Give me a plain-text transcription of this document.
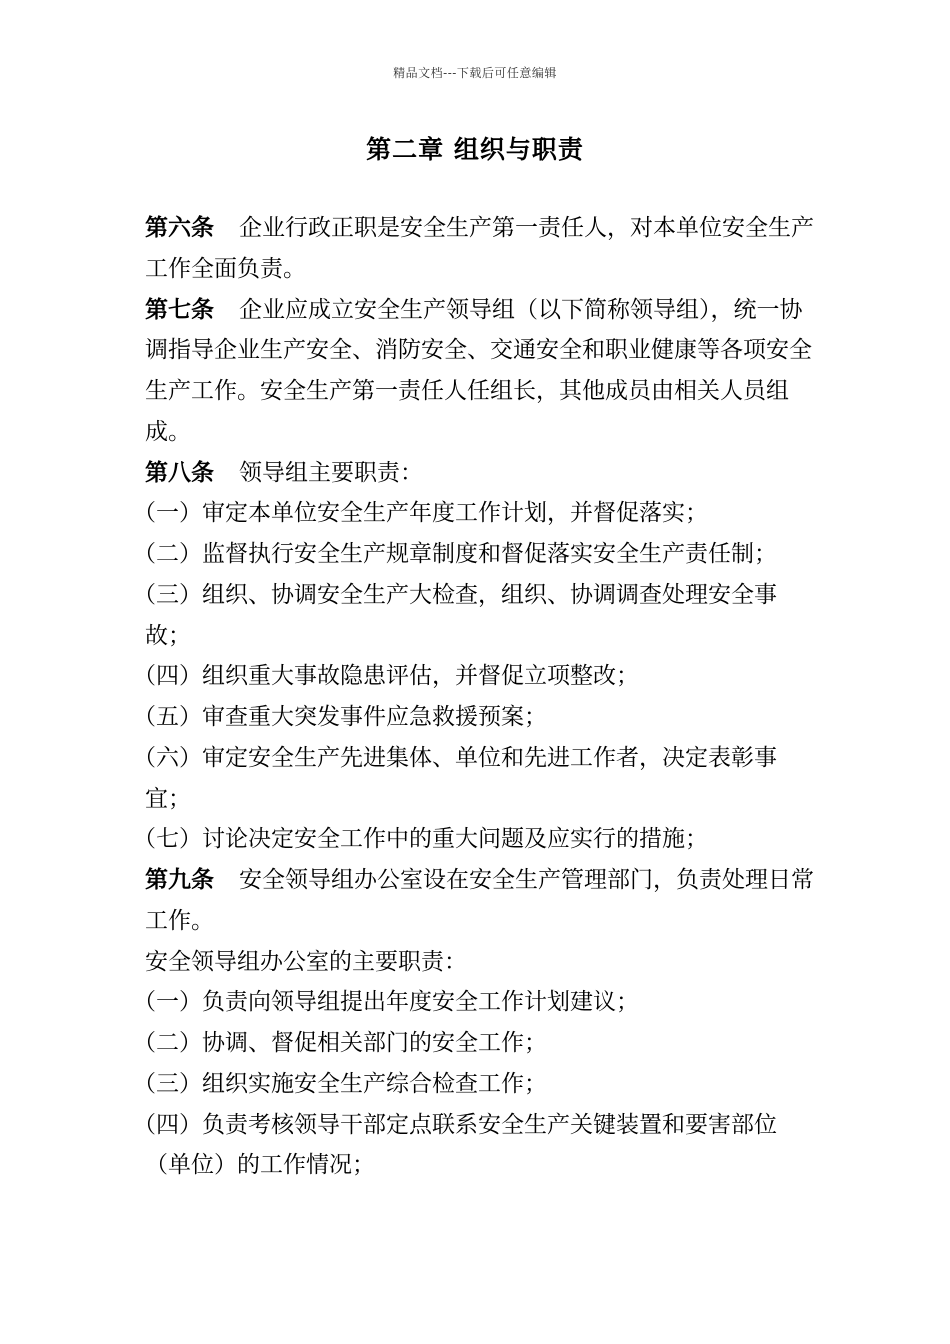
精品文档---下载后可任意编辑
第二章 组织与职责

第六条 企业行政正职是安全生产第一责任人，对本单位安全生产工作全面负责。

第七条 企业应成立安全生产领导组（以下简称领导组），统一协调指导企业生产安全、消防安全、交通安全和职业健康等各项安全生产工作。安全生产第一责任人任组长，其他成员由相关人员组成。

第八条 领导组主要职责：

（一）审定本单位安全生产年度工作计划，并督促落实；

（二）监督执行安全生产规章制度和督促落实安全生产责任制；

（三）组织、协调安全生产大检查，组织、协调调查处理安全事故；

（四）组织重大事故隐患评估，并督促立项整改；

（五）审查重大突发事件应急救援预案；

（六）审定安全生产先进集体、单位和先进工作者，决定表彰事宜；

（七）讨论决定安全工作中的重大问题及应实行的措施；

第九条 安全领导组办公室设在安全生产管理部门，负责处理日常工作。

安全领导组办公室的主要职责：

（一）负责向领导组提出年度安全工作计划建议；

（二）协调、督促相关部门的安全工作；

（三）组织实施安全生产综合检查工作；

（四）负责考核领导干部定点联系安全生产关键装置和要害部位（单位）的工作情况；
